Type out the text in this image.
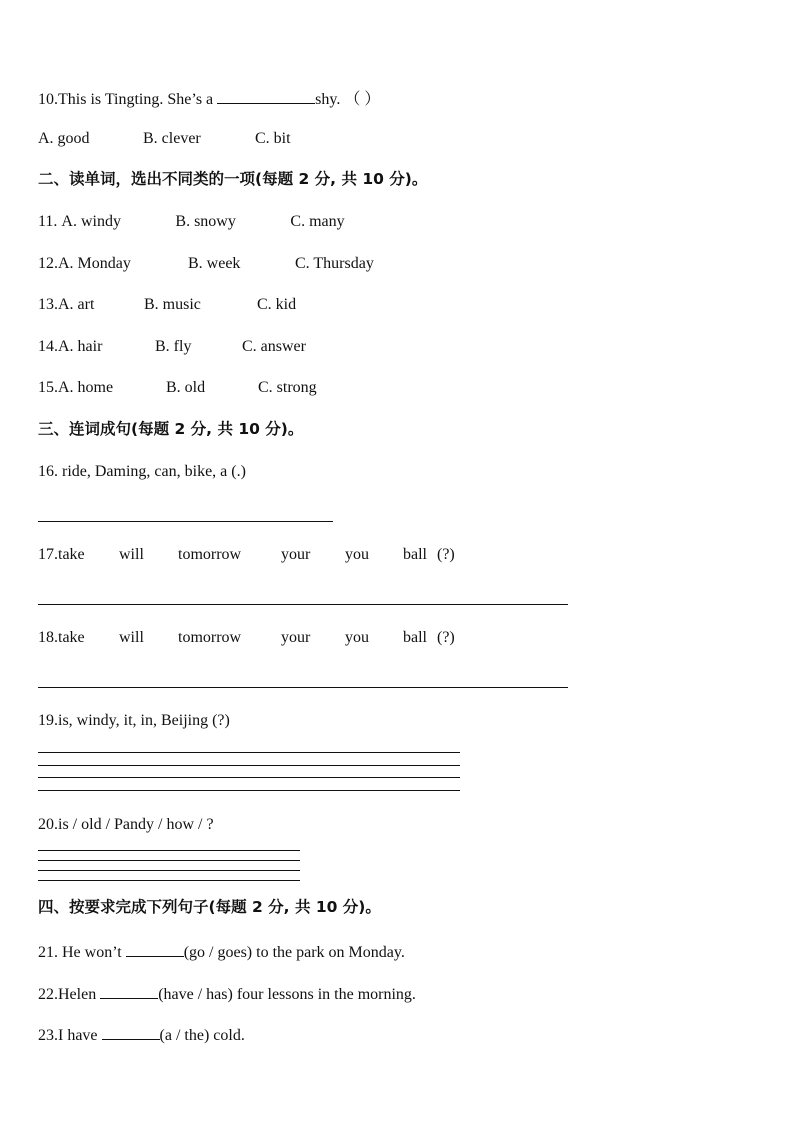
10.This is Tingting. She’s a	shy. （ ）
A. good	B. clever	C. bit
二、读单词，选出不同类的一项(每题 2 分, 共 10 分)。
11. A. windy	B. snowy	C. many
12.A. Monday	B. week	C. Thursday
13.A. art	B. music	C. kid
14.A. hair	B. fly	C. answer
15.A. home	B. old	C. strong
三、连词成句(每题 2 分, 共 10 分)。
16. ride, Daming, can, bike, a (.)
17.take will tomorrow your you ball (?)
18.take will tomorrow your you ball (?)
19.is, windy, it, in, Beijing (?)
20.is / old / Pandy / how / ?
四、按要求完成下列句子(每题 2 分, 共 10 分)。
21. He won’t	(go / goes) to the park on Monday.
22.Helen	(have / has) four lessons in the morning.
23.I have	(a / the) cold.
